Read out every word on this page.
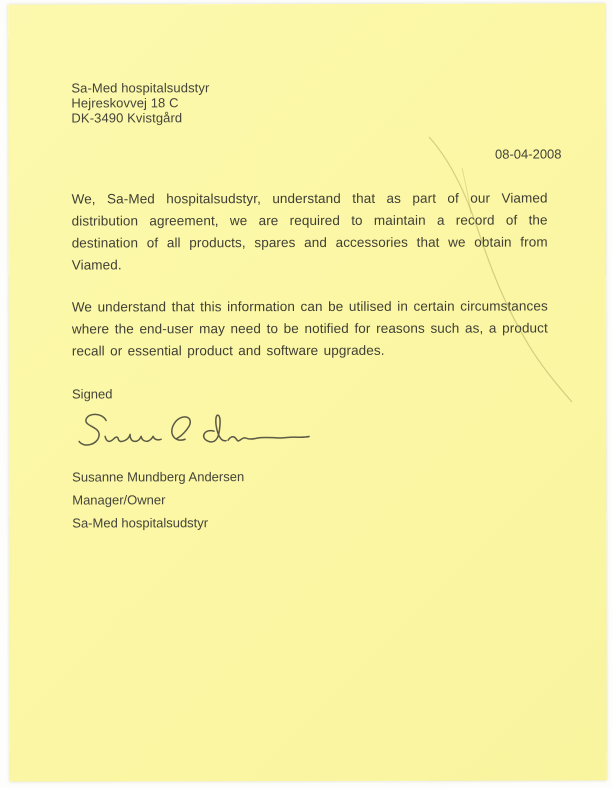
Sa-Med hospitalsudstyr
Hejreskovvej 18 C
DK-3490 Kvistgård
08-04-2008

We, Sa-Med hospitalsudstyr, understand that as part of our Viamed distribution agreement, we are required to maintain a record of the destination of all products, spares and accessories that we obtain from Viamed.

We understand that this information can be utilised in certain circumstances where the end-user may need to be notified for reasons such as, a product recall or essential product and software upgrades.

Signed
Susanne Mundberg Andersen
Manager/Owner
Sa-Med hospitalsudstyr
